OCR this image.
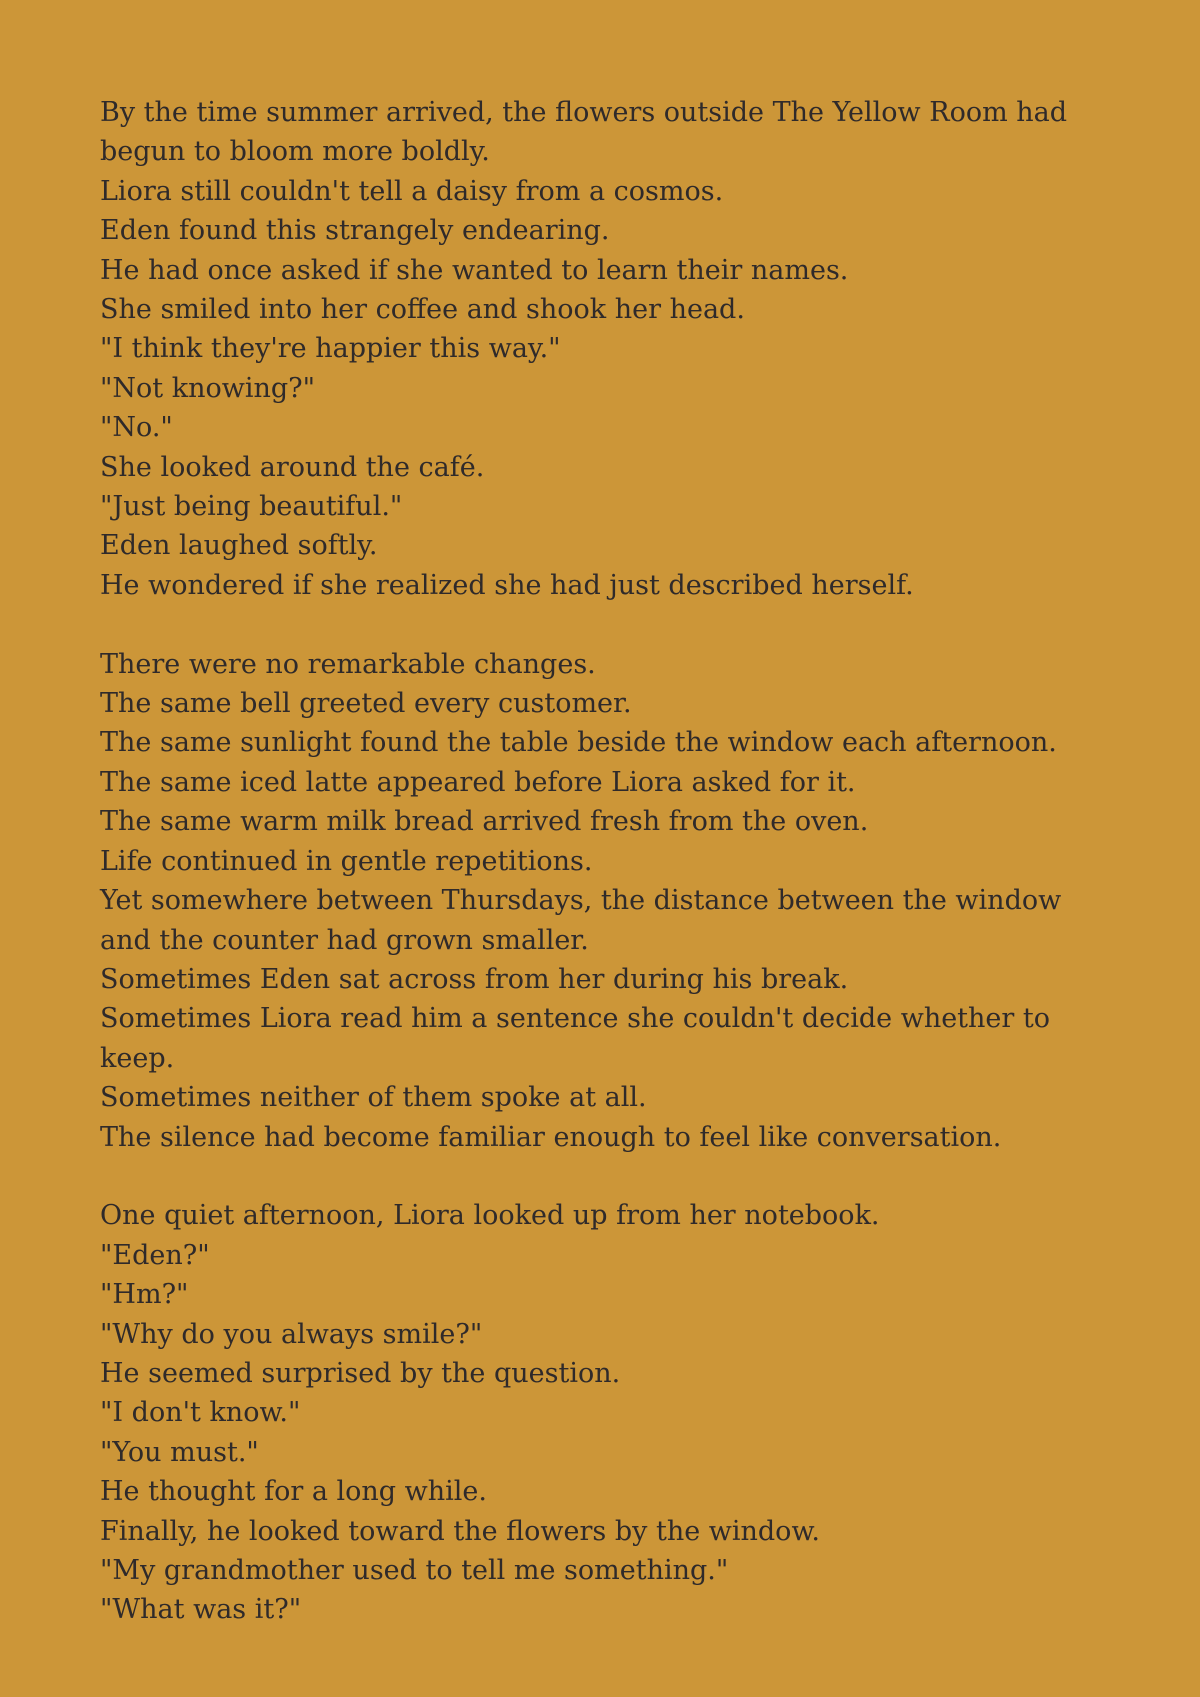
By the time summer arrived, the flowers outside The Yellow Room had
begun to bloom more boldly.
Liora still couldn't tell a daisy from a cosmos.
Eden found this strangely endearing.
He had once asked if she wanted to learn their names.
She smiled into her coffee and shook her head.
"I think they're happier this way."
"Not knowing?"
"No."
She looked around the café.
"Just being beautiful."
Eden laughed softly.
He wondered if she realized she had just described herself.
There were no remarkable changes.
The same bell greeted every customer.
The same sunlight found the table beside the window each afternoon.
The same iced latte appeared before Liora asked for it.
The same warm milk bread arrived fresh from the oven.
Life continued in gentle repetitions.
Yet somewhere between Thursdays, the distance between the window
and the counter had grown smaller.
Sometimes Eden sat across from her during his break.
Sometimes Liora read him a sentence she couldn't decide whether to
keep.
Sometimes neither of them spoke at all.
The silence had become familiar enough to feel like conversation.
One quiet afternoon, Liora looked up from her notebook.
"Eden?"
"Hm?"
"Why do you always smile?"
He seemed surprised by the question.
"I don't know."
"You must."
He thought for a long while.
Finally, he looked toward the flowers by the window.
"My grandmother used to tell me something."
"What was it?"
